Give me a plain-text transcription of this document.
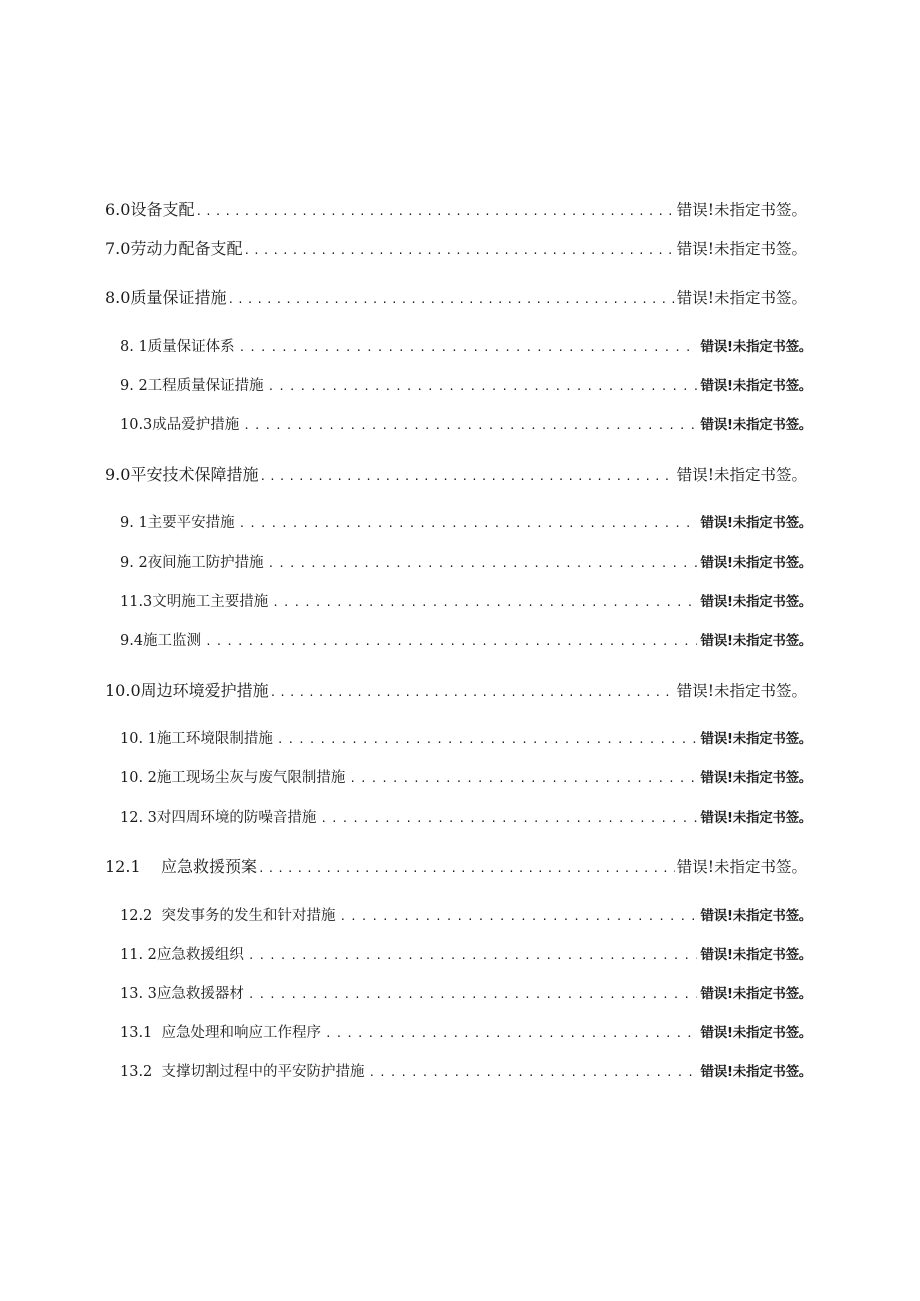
6.0设备支配 .....	错误!未指定书签。
7.0劳动力配备支配 .....	错误!未指定书签。
8.0质量保证措施 .....	错误!未指定书签。
8. 1质量保证体系 .....	错误!未指定书签。
9. 2工程质量保证措施 .....	错误!未指定书签。
10.3成品爱护措施 .....	错误!未指定书签。
9.0平安技术保障措施 .....	错误!未指定书签。
9. 1主要平安措施 .....	错误!未指定书签。
9. 2夜间施工防护措施 .....	错误!未指定书签。
11.3文明施工主要措施 .....	错误!未指定书签。
9.4施工监测 .....	错误!未指定书签。
10.0周边环境爱护措施 .....	错误!未指定书签。
10. 1施工环境限制措施 .....	错误!未指定书签。
10. 2施工现场尘灰与废气限制措施 .....	错误!未指定书签。
12. 3对四周环境的防噪音措施 .....	错误!未指定书签。
12.1    应急救援预案 .....	错误!未指定书签。
12.2  突发事务的发生和针对措施 .....	错误!未指定书签。
11. 2应急救援组织 .....	错误!未指定书签。
13. 3应急救援器材 .....	错误!未指定书签。
13.1  应急处理和响应工作程序 .....	错误!未指定书签。
13.2  支撑切割过程中的平安防护措施 .....	错误!未指定书签。
